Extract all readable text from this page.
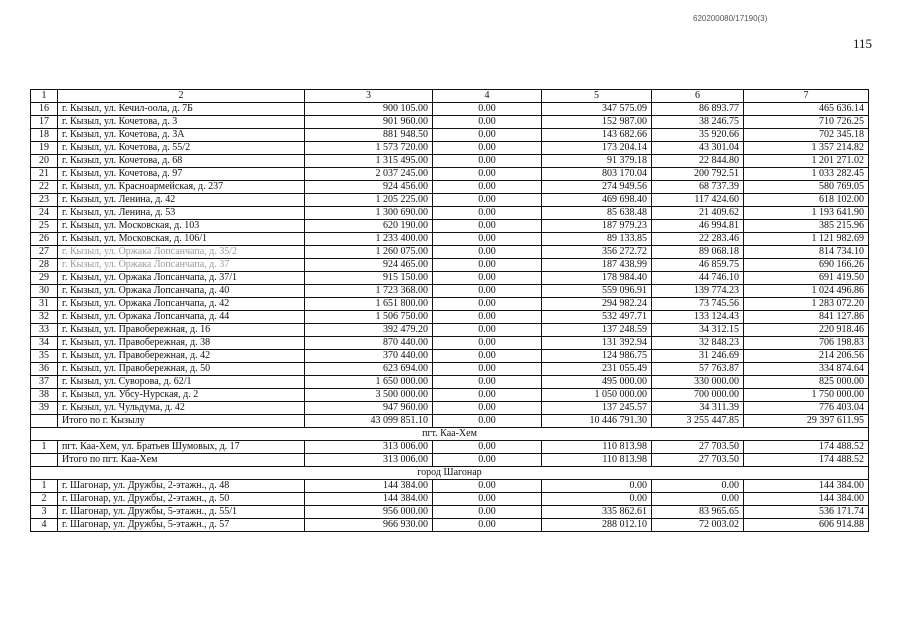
620200080/17190(3)
115
1	2	3	4	5	6	7
16	г. Кызыл, ул. Кечил-оола, д. 7Б	900 105.00	0.00	347 575.09	86 893.77	465 636.14
17	г. Кызыл, ул. Кочетова, д. 3	901 960.00	0.00	152 987.00	38 246.75	710 726.25
18	г. Кызыл, ул. Кочетова, д. 3А	881 948.50	0.00	143 682.66	35 920.66	702 345.18
19	г. Кызыл, ул. Кочетова, д. 55/2	1 573 720.00	0.00	173 204.14	43 301.04	1 357 214.82
20	г. Кызыл, ул. Кочетова, д. 68	1 315 495.00	0.00	91 379.18	22 844.80	1 201 271.02
21	г. Кызыл, ул. Кочетова, д. 97	2 037 245.00	0.00	803 170.04	200 792.51	1 033 282.45
22	г. Кызыл, ул. Красноармейская, д. 237	924 456.00	0.00	274 949.56	68 737.39	580 769.05
23	г. Кызыл, ул. Ленина, д. 42	1 205 225.00	0.00	469 698.40	117 424.60	618 102.00
24	г. Кызыл, ул. Ленина, д. 53	1 300 690.00	0.00	85 638.48	21 409.62	1 193 641.90
25	г. Кызыл, ул. Московская, д. 103	620 190.00	0.00	187 979.23	46 994.81	385 215.96
26	г. Кызыл, ул. Московская, д. 106/1	1 233 400.00	0.00	89 133.85	22 283.46	1 121 982.69
27	г. Кызыл, ул. Оржака Лопсанчапа, д. 35/2	1 260 075.00	0.00	356 272.72	89 068.18	814 734.10
28	г. Кызыл, ул. Оржака Лопсанчапа, д. 37	924 465.00	0.00	187 438.99	46 859.75	690 166.26
29	г. Кызыл, ул. Оржака Лопсанчапа, д. 37/1	915 150.00	0.00	178 984.40	44 746.10	691 419.50
30	г. Кызыл, ул. Оржака Лопсанчапа, д. 40	1 723 368.00	0.00	559 096.91	139 774.23	1 024 496.86
31	г. Кызыл, ул. Оржака Лопсанчапа, д. 42	1 651 800.00	0.00	294 982.24	73 745.56	1 283 072.20
32	г. Кызыл, ул. Оржака Лопсанчапа, д. 44	1 506 750.00	0.00	532 497.71	133 124.43	841 127.86
33	г. Кызыл, ул. Правобережная, д. 16	392 479.20	0.00	137 248.59	34 312.15	220 918.46
34	г. Кызыл, ул. Правобережная, д. 38	870 440.00	0.00	131 392.94	32 848.23	706 198.83
35	г. Кызыл, ул. Правобережная, д. 42	370 440.00	0.00	124 986.75	31 246.69	214 206.56
36	г. Кызыл, ул. Правобережная, д. 50	623 694.00	0.00	231 055.49	57 763.87	334 874.64
37	г. Кызыл, ул. Суворова, д. 62/1	1 650 000.00	0.00	495 000.00	330 000.00	825 000.00
38	г. Кызыл, ул. Убсу-Нурская, д. 2	3 500 000.00	0.00	1 050 000.00	700 000.00	1 750 000.00
39	г. Кызыл, ул. Чульдума, д. 42	947 960.00	0.00	137 245.57	34 311.39	776 403.04
	Итого по г. Кызылу	43 099 851.10	0.00	10 446 791.30	3 255 447.85	29 397 611.95
пгт. Каа-Хем						
1	пгт. Каа-Хем, ул. Братьев Шумовых, д. 17	313 006.00	0.00	110 813.98	27 703.50	174 488.52
	Итого по пгт. Каа-Хем	313 006.00	0.00	110 813.98	27 703.50	174 488.52
город Шагонар						
1	г. Шагонар, ул. Дружбы, 2-этажн., д. 48	144 384.00	0.00	0.00	0.00	144 384.00
2	г. Шагонар, ул. Дружбы, 2-этажн., д. 50	144 384.00	0.00	0.00	0.00	144 384.00
3	г. Шагонар, ул. Дружбы, 5-этажн., д. 55/1	956 000.00	0.00	335 862.61	83 965.65	536 171.74
4	г. Шагонар, ул. Дружбы, 5-этажн., д. 57	966 930.00	0.00	288 012.10	72 003.02	606 914.88
